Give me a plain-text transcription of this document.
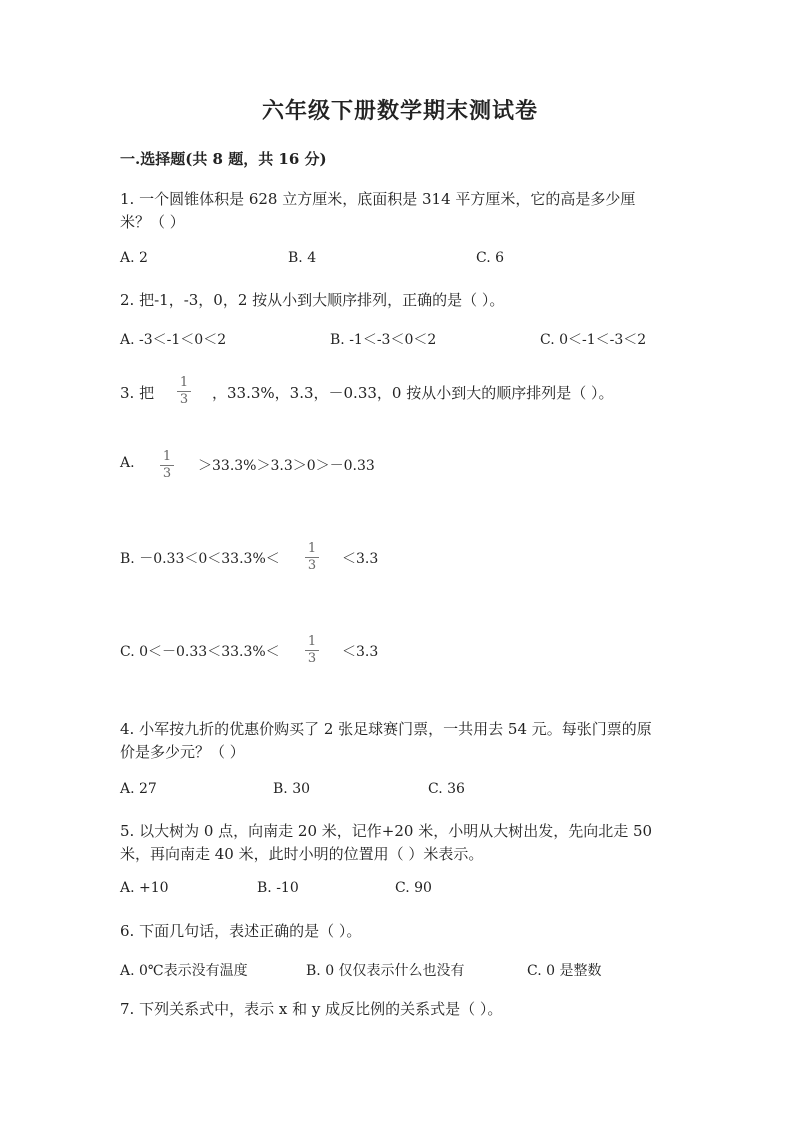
六年级下册数学期末测试卷
一.选择题(共 8 题，共 16 分)
1. 一个圆锥体积是 628 立方厘米，底面积是 314 平方厘米，它的高是多少厘
米？（ ）
A. 2	B. 4	C. 6
2. 把-1，-3，0，2 按从小到大顺序排列，正确的是（ ）。
A. -3＜-1＜0＜2	B. -1＜-3＜0＜2	C. 0＜-1＜-3＜2
3. 把
1
3 ，33.3%，3.3，－0.33，0 按从小到大的顺序排列是（ ）。
A. 1
3 ＞33.3%＞3.3＞0＞－0.33
B. －0.33＜0＜33.3%＜
1
3 ＜3.3
C. 0＜－0.33＜33.3%＜
1
3 ＜3.3
4. 小军按九折的优惠价购买了 2 张足球赛门票，一共用去 54 元。每张门票的原
价是多少元？（ ）
A. 27	B. 30	C. 36
5. 以大树为 0 点，向南走 20 米，记作+20 米，小明从大树出发，先向北走 50
米，再向南走 40 米，此时小明的位置用（ ）米表示。
A. +10	B. -10	C. 90
6. 下面几句话，表述正确的是（ ）。
A. 0℃表示没有温度	B. 0 仅仅表示什么也没有	C. 0 是整数
7. 下列关系式中，表示 x 和 y 成反比例的关系式是（ ）。
